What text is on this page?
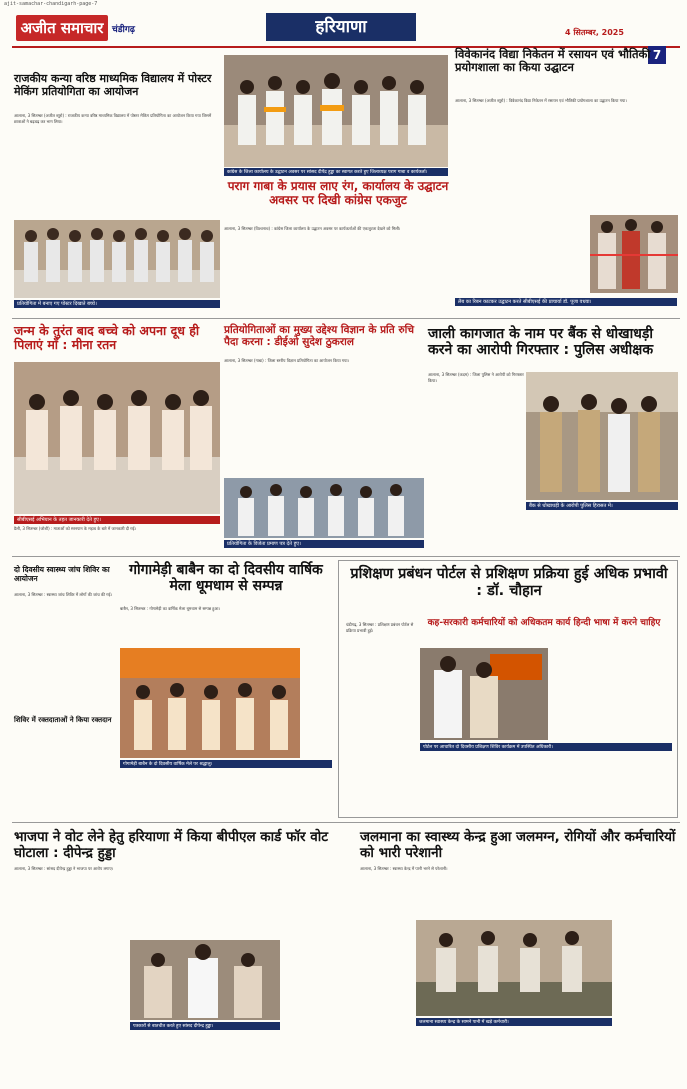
ajit-samachar-chandigarh-page-7
अजीत समाचार चंडीगढ़	हरियाणा	4 सितम्बर, 2025
7
राजकीय कन्या वरिष्ठ माध्यमिक विद्यालय में पोस्टर मेकिंग प्रतियोगिता का आयोजन
आलाना, 3 सितम्बर (अजीत ब्यूरो) : राजकीय कन्या वरिष्ठ माध्यमिक विद्यालय में पोस्टर मेकिंग प्रतियोगिता का आयोजन किया गया जिसमें छात्राओं ने बढ़चढ़ कर भाग लिया।
प्रतियोगिता में बनाए गए पोस्टर दिखाते बच्चे।
कांग्रेस के जिला कार्यालय के उद्घाटन अवसर पर सांसद दीपेंद्र हुड्डा का स्वागत करते हुए जिलाध्यक्ष पराग गाबा व कार्यकर्ता।
विवेकानंद विद्या निकेतन में रसायन एवं भौतिकी प्रयोगशाला का किया उद्घाटन
आलाना, 3 सितम्बर (अजीत ब्यूरो) : विवेकानंद विद्या निकेतन में रसायन एवं भौतिकी प्रयोगशाला का उद्घाटन किया गया।
लैब का रिबन काटकर उद्घाटन करते सीबीएसई की प्राचार्या डॉ. पूजा वधवा।
पराग गाबा के प्रयास लाए रंग, कार्यालय के उद्घाटन अवसर पर दिखी कांग्रेस एकजुट
आलाना, 3 सितम्बर (विश्वनाथ) : कांग्रेस जिला कार्यालय के उद्घाटन अवसर पर कार्यकर्ताओं की एकजुटता देखने को मिली।
जन्म के तुरंत बाद बच्चे को अपना दूध ही पिलाएं माँ : मीना रतन
सीबीएसई अभियान के तहत जानकारी देते हुए।
डैली, 3 सितम्बर (जोशी) : माताओं को स्तनपान के महत्व के बारे में जानकारी दी गई।
प्रतियोगिताओं का मुख्य उद्देश्य विज्ञान के प्रति रुचि पैदा करना : डीईओ सुदेश ठुकराल
आलाना, 3 सितम्बर (गाबा) : जिला स्तरीय विज्ञान प्रतियोगिता का आयोजन किया गया।
प्रतियोगिता के विजेता प्रमाण पत्र देते हुए।
जाली कागजात के नाम पर बैंक से धोखाधड़ी करने का आरोपी गिरफ्तार : पुलिस अधीक्षक
आलाना, 3 सितम्बर (कदम) : जिला पुलिस ने आरोपी को गिरफ्तार किया।
बैंक से धोखाधड़ी के आरोपी पुलिस हिरासत में।
दो दिवसीय स्वास्थ्य जांच शिविर का आयोजन
आलाना, 3 सितम्बर : स्वास्थ्य जांच शिविर में लोगों की जांच की गई।
शिविर में रक्तदाताओं ने किया रक्तदान
गोगामेड़ी बाबैन का दो दिवसीय वार्षिक मेला धूमधाम से सम्पन्न
बाबैन, 3 सितम्बर : गोगामेड़ी का वार्षिक मेला धूमधाम से सम्पन्न हुआ।
गोगामेड़ी बाबैन के दो दिवसीय वार्षिक मेले पर श्रद्धालु।
प्रशिक्षण प्रबंधन पोर्टल से प्रशिक्षण प्रक्रिया हुई अधिक प्रभावी : डॉ. चौहान
चंडीगढ़, 3 सितम्बर : प्रशिक्षण प्रबंधन पोर्टल से प्रक्रिया प्रभावी हुई।
कह-सरकारी कर्मचारियों को अधिकतम कार्य हिन्दी भाषा में करने चाहिए
पोर्टल पर आधारित दो दिवसीय प्रशिक्षण शिविर कार्यक्रम में उपस्थित अधिकारी।
भाजपा ने वोट लेने हेतु हरियाणा में किया बीपीएल कार्ड फॉर वोट घोटाला : दीपेन्द्र हुड्डा
आलाना, 3 सितम्बर : सांसद दीपेन्द्र हुड्डा ने भाजपा पर आरोप लगाए।
पत्रकारों से बातचीत करते हुए सांसद दीपेन्द्र हुड्डा।
जलमाना का स्वास्थ्य केन्द्र हुआ जलमग्न, रोगियों और कर्मचारियों को भारी परेशानी
आलाना, 3 सितम्बर : स्वास्थ्य केन्द्र में पानी भरने से परेशानी।
जलमाना स्वास्थ्य केन्द्र के सामने पानी में खड़े कर्मचारी।
